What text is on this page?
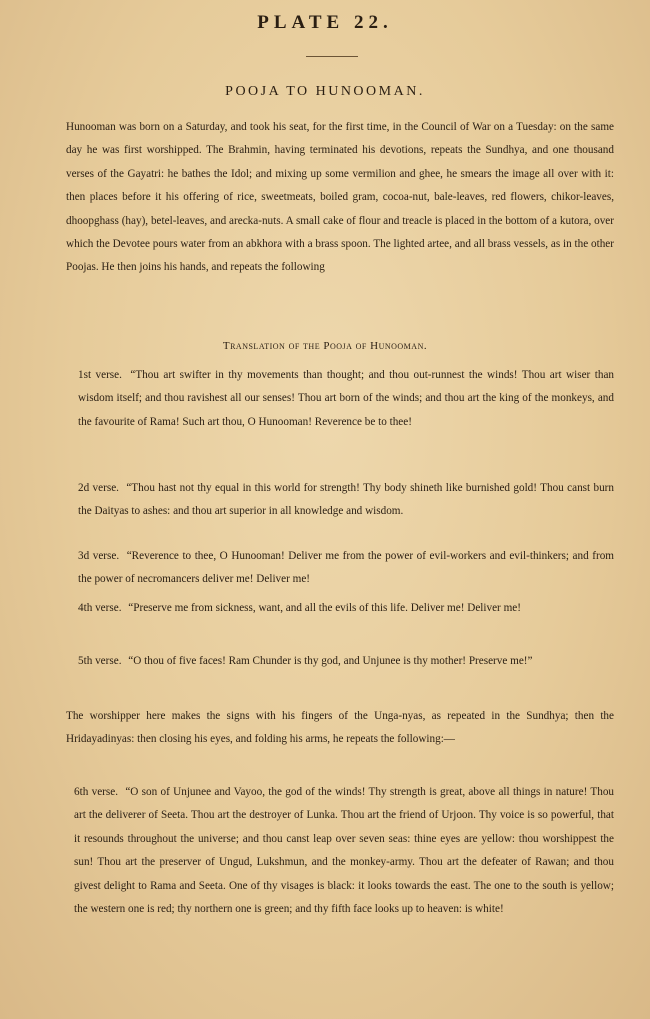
PLATE 22.
POOJA TO HUNOOMAN.

Hunooman was born on a Saturday, and took his seat, for the first time, in the Council of War on a Tuesday: on the same day he was first worshipped. The Brahmin, having terminated his devotions, repeats the Sundhya, and one thousand verses of the Gayatri: he bathes the Idol; and mixing up some vermilion and ghee, he smears the image all over with it: then places before it his offering of rice, sweetmeats, boiled gram, cocoa-nut, bale-leaves, red flowers, chikor-leaves, dhoopghass (hay), betel-leaves, and arecka-nuts. A small cake of flour and treacle is placed in the bottom of a kutora, over which the Devotee pours water from an abkhora with a brass spoon. The lighted artee, and all brass vessels, as in the other Poojas. He then joins his hands, and repeats the following

Translation of the Pooja of Hunooman.
1st verse. “Thou art swifter in thy movements than thought; and thou out-runnest the winds! Thou art wiser than wisdom itself; and thou ravishest all our senses! Thou art born of the winds; and thou art the king of the monkeys, and the favourite of Rama! Such art thou, O Hunooman! Reverence be to thee!
2d verse. “Thou hast not thy equal in this world for strength! Thy body shineth like burnished gold! Thou canst burn the Daityas to ashes: and thou art superior in all knowledge and wisdom.
3d verse. “Reverence to thee, O Hunooman! Deliver me from the power of evil-workers and evil-thinkers; and from the power of necromancers deliver me! Deliver me!
4th verse. “Preserve me from sickness, want, and all the evils of this life. Deliver me! Deliver me!
5th verse. “O thou of five faces! Ram Chunder is thy god, and Unjunee is thy mother! Preserve me!”
The worshipper here makes the signs with his fingers of the Unga-nyas, as repeated in the Sundhya; then the Hridayadinyas: then closing his eyes, and folding his arms, he repeats the following:—
6th verse. “O son of Unjunee and Vayoo, the god of the winds! Thy strength is great, above all things in nature! Thou art the deliverer of Seeta. Thou art the destroyer of Lunka. Thou art the friend of Urjoon. Thy voice is so powerful, that it resounds throughout the universe; and thou canst leap over seven seas: thine eyes are yellow: thou worshippest the sun! Thou art the preserver of Ungud, Lukshmun, and the monkey-army. Thou art the defeater of Rawan; and thou givest delight to Rama and Seeta. One of thy visages is black: it looks towards the east. The one to the south is yellow; the western one is red; thy northern one is green; and thy fifth face looks up to heaven: is white!
